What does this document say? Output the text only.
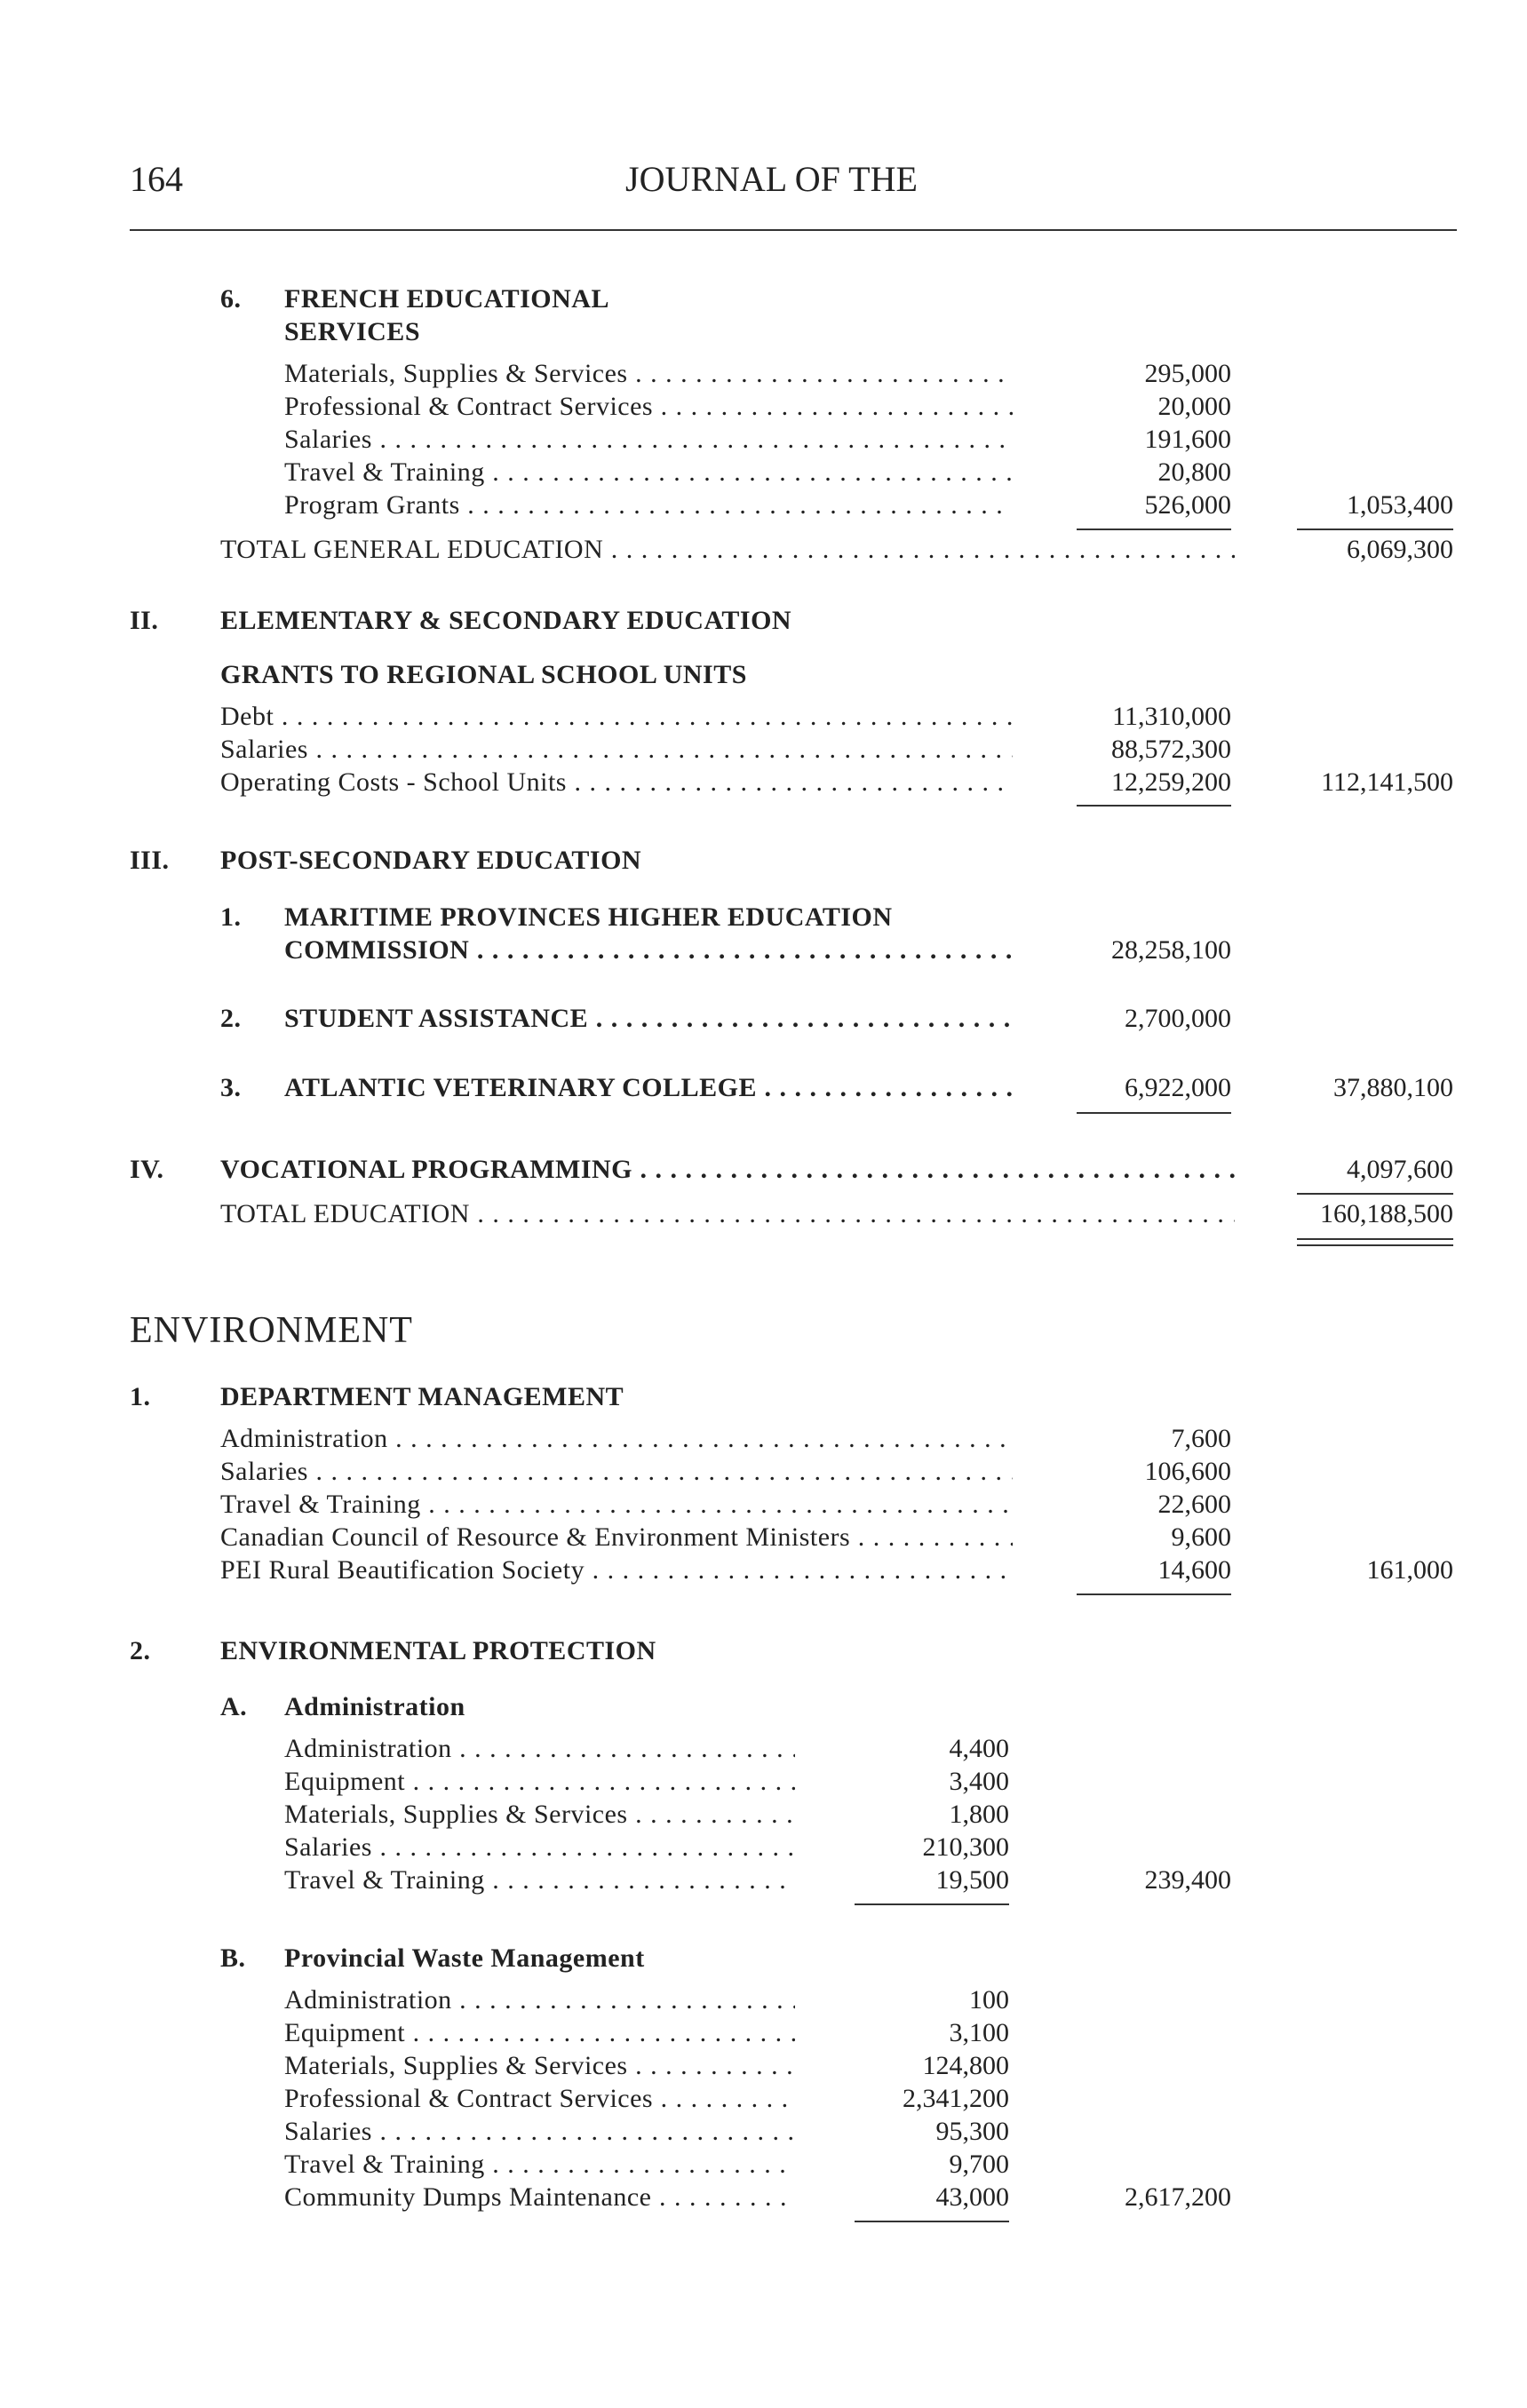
164	JOURNAL OF THE
6. FRENCH EDUCATIONAL
SERVICES
Materials, Supplies & Services . . .	295,000
Professional & Contract Services . . .	20,000
Salaries . . .	191,600
Travel & Training . . .	20,800
Program Grants . . .	526,000	1,053,400
TOTAL GENERAL EDUCATION . . .	6,069,300
II. ELEMENTARY & SECONDARY EDUCATION
GRANTS TO REGIONAL SCHOOL UNITS
Debt . . .	11,310,000
Salaries . . .	88,572,300
Operating Costs - School Units . . .	12,259,200	112,141,500
III. POST-SECONDARY EDUCATION
1. MARITIME PROVINCES HIGHER EDUCATION
COMMISSION . . .	28,258,100
2. STUDENT ASSISTANCE . . .	2,700,000
3. ATLANTIC VETERINARY COLLEGE . . .	6,922,000	37,880,100
IV. VOCATIONAL PROGRAMMING . . .	4,097,600
TOTAL EDUCATION . . .	160,188,500
ENVIRONMENT
1.	DEPARTMENT MANAGEMENT
Administration . . .	7,600
Salaries . . .	106,600
Travel & Training . . .	22,600
Canadian Council of Resource & Environment Ministers . . .	9,600
PEI Rural Beautification Society . . .	14,600	161,000
2.	ENVIRONMENTAL PROTECTION
A. Administration
Administration . . .	4,400
Equipment . . .	3,400
Materials, Supplies & Services . . .	1,800
Salaries . . .	210,300
Travel & Training . . .	19,500	239,400
B. Provincial Waste Management
Administration . . .	100
Equipment . . .	3,100
Materials, Supplies & Services . . .	124,800
Professional & Contract Services . . .	2,341,200
Salaries . . .	95,300
Travel & Training . . .	9,700
Community Dumps Maintenance . . .	43,000	2,617,200
